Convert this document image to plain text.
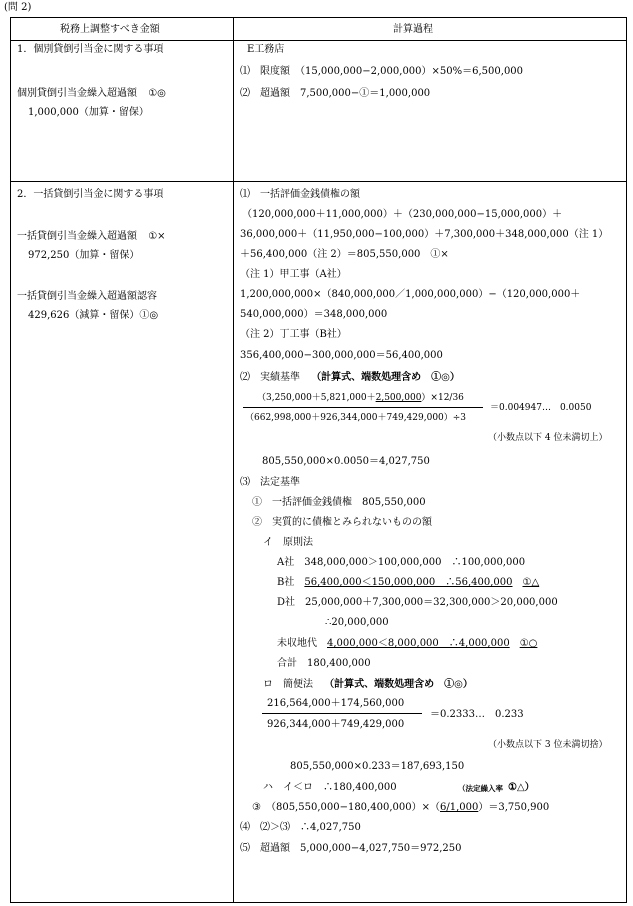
(問 2)
税務上調整すべき金額	計算過程
1．個別貸倒引当金に関する事項
個別貸倒引当金繰入超過額 ①◎
1,000,000（加算・留保）
2．一括貸倒引当金に関する事項
一括貸倒引当金繰入超過額 ①×
972,250（加算・留保）
一括貸倒引当金繰入超過額認容
429,626（減算・留保）①◎
E工務店
⑴　限度額　（15,000,000−2,000,000）×50%＝6,500,000
⑵　超過額　7,500,000−①＝1,000,000
⑴　一括評価金銭債権の額
（120,000,000＋11,000,000）＋（230,000,000−15,000,000）＋
36,000,000＋（11,950,000−100,000）＋7,300,000＋348,000,000（注 1）
＋56,400,000（注 2）＝805,550,000　①×
（注 1）甲工事（A社）
1,200,000,000×（840,000,000／1,000,000,000）−（120,000,000＋
540,000,000）＝348,000,000
（注 2）丁工事（B社）
356,400,000−300,000,000＝56,400,000
⑵　実績基準 （計算式、端数処理含め　①◎）
（3,250,000＋5,821,000＋2,500,000）×12/36
（662,998,000＋926,344,000＋749,429,000）÷3
＝0.004947…　0.0050
（小数点以下 4 位未満切上）
805,550,000×0.0050＝4,027,750
⑶　法定基準
①　一括評価金銭債権　805,550,000
②　実質的に債権とみられないものの額
イ　原則法
A社　348,000,000＞100,000,000　∴100,000,000
B社　56,400,000＜150,000,000　∴56,400,000 ①△
D社　25,000,000＋7,300,000＝32,300,000＞20,000,000
∴20,000,000
未収地代　4,000,000＜8,000,000　∴4,000,000 ①○
合計　180,400,000
ロ　簡便法 （計算式、端数処理含め　①◎）
216,564,000＋174,560,000
926,344,000＋749,429,000
＝0.2333…　0.233
（小数点以下 3 位未満切捨）
805,550,000×0.233＝187,693,150
ハ　イ＜ロ　∴180,400,000	（法定繰入率 ①△）
③　（805,550,000−180,400,000）×（6/1,000）＝3,750,900
⑷　⑵＞⑶　∴4,027,750
⑸　超過額　5,000,000−4,027,750＝972,250
